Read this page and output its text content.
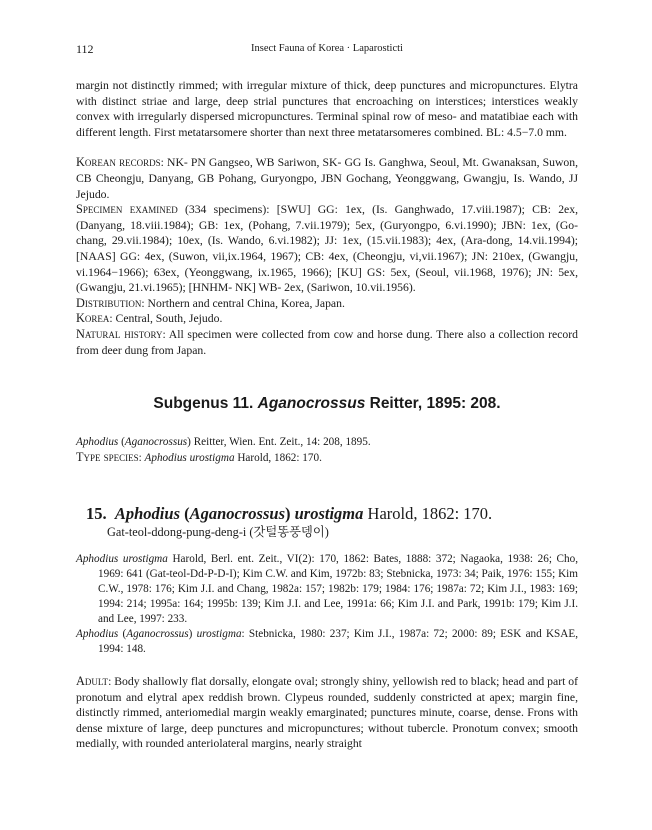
112	Insect Fauna of Korea · Laparosticti

margin not distinctly rimmed; with irregular mixture of thick, deep punctures and micropunctures. Elytra with distinct striae and large, deep strial punctures that encroaching on interstices; interstices weakly convex with irregularly dispersed micropunctures. Terminal spinal row of meso- and matatibiae each with different length. First metatarsomere shorter than next three metatarsomeres combined. BL: 4.5−7.0 mm.

Korean records: NK- PN Gangseo, WB Sariwon, SK- GG Is. Ganghwa, Seoul, Mt. Gwanaksan, Suwon, CB Cheongju, Danyang, GB Pohang, Guryongpo, JBN Gochang, Yeonggwang, Gwangju, Is. Wando, JJ Jejudo.

Specimen examined (334 specimens): [SWU] GG: 1ex, (Is. Ganghwado, 17.viii.1987); CB: 2ex, (Danyang, 18.viii.1984); GB: 1ex, (Pohang, 7.vii.1979); 5ex, (Guryongpo, 6.vi.1990); JBN: 1ex, (Go-chang, 29.vii.1984); 10ex, (Is. Wando, 6.vi.1982); JJ: 1ex, (15.vii.1983); 4ex, (Ara-dong, 14.vii.1994); [NAAS] GG: 4ex, (Suwon, vii,ix.1964, 1967); CB: 4ex, (Cheongju, vi,vii.1967); JN: 210ex, (Gwangju, vi.1964−1966); 63ex, (Yeonggwang, ix.1965, 1966); [KU] GS: 5ex, (Seoul, vii.1968, 1976); JN: 5ex, (Gwangju, 21.vi.1965); [HNHM- NK] WB- 2ex, (Sariwon, 10.vii.1956).

Distribution: Northern and central China, Korea, Japan.

Korea: Central, South, Jejudo.

Natural history: All specimen were collected from cow and horse dung. There also a collection record from deer dung from Japan.

Subgenus 11. Aganocrossus Reitter, 1895: 208.

Aphodius (Aganocrossus) Reitter, Wien. Ent. Zeit., 14: 208, 1895.

Type species: Aphodius urostigma Harold, 1862: 170.

15. Aphodius (Aganocrossus) urostigma Harold, 1862: 170.
Gat-teol-ddong-pung-deng-i (갓털똥풍뎅이)

Aphodius urostigma Harold, Berl. ent. Zeit., VI(2): 170, 1862: Bates, 1888: 372; Nagaoka, 1938: 26; Cho, 1969: 641 (Gat-teol-Dd-P-D-I); Kim C.W. and Kim, 1972b: 83; Stebnicka, 1973: 34; Paik, 1976: 155; Kim C.W., 1978: 176; Kim J.I. and Chang, 1982a: 157; 1982b: 179; 1984: 176; 1987a: 72; Kim J.I., 1983: 169; 1994: 214; 1995a: 164; 1995b: 139; Kim J.I. and Lee, 1991a: 66; Kim J.I. and Park, 1991b: 179; Kim J.I. and Lee, 1997: 233.

Aphodius (Aganocrossus) urostigma: Stebnicka, 1980: 237; Kim J.I., 1987a: 72; 2000: 89; ESK and KSAE, 1994: 148.

Adult: Body shallowly flat dorsally, elongate oval; strongly shiny, yellowish red to black; head and part of pronotum and elytral apex reddish brown. Clypeus rounded, suddenly constricted at apex; margin fine, distinctly rimmed, anteriomedial margin weakly emarginated; punctures minute, coarse, dense. Frons with dense mixture of large, deep punctures and micropunctures; without tubercle. Pronotum convex; smooth medially, with rounded anteriolateral margins, nearly straight
